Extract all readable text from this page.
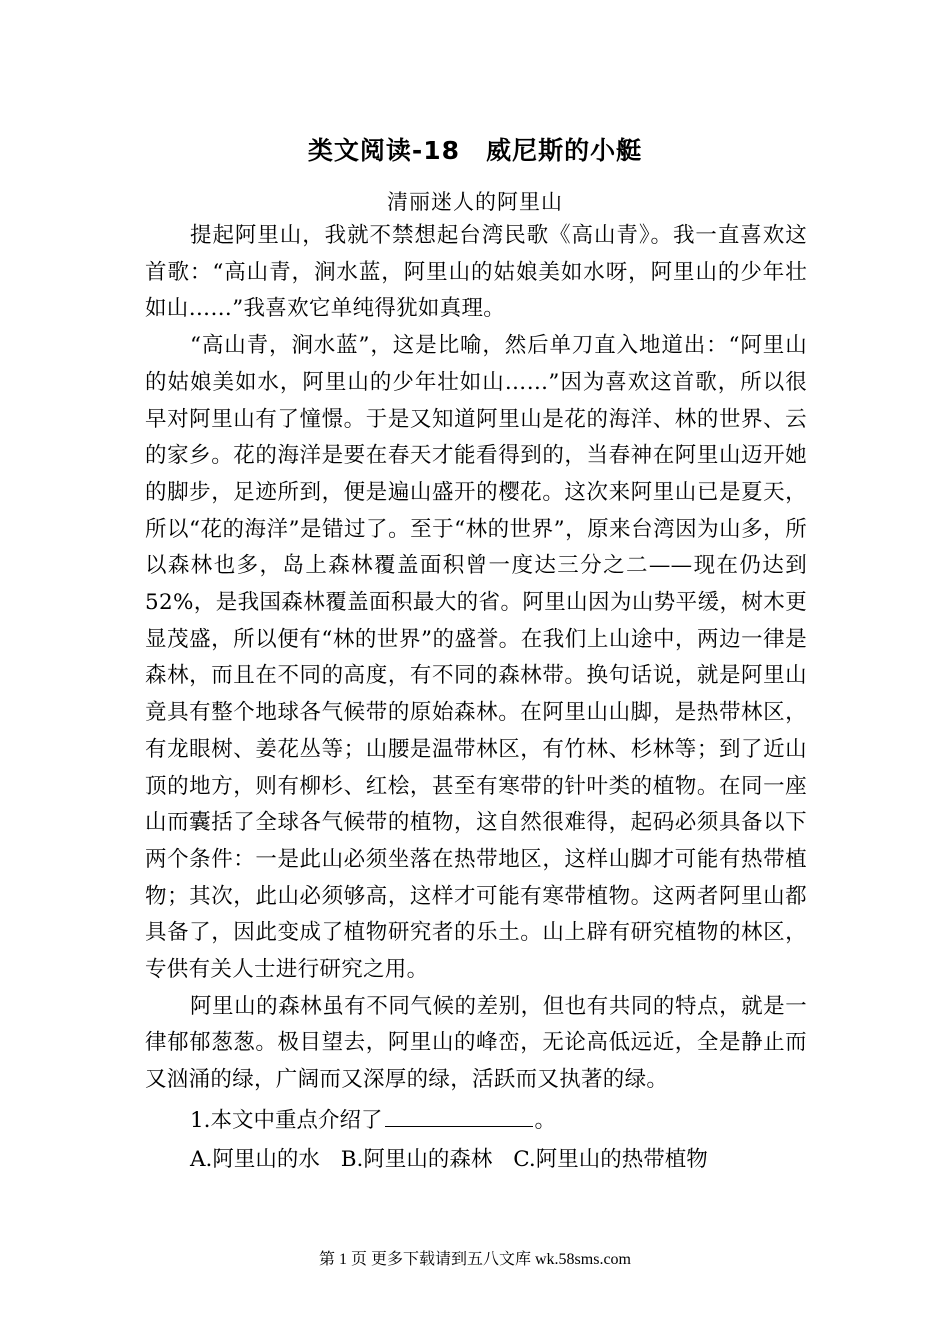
类文阅读-18　威尼斯的小艇
清丽迷人的阿里山

提起阿里山，我就不禁想起台湾民歌《高山青》。我一直喜欢这首歌：“高山青，涧水蓝，阿里山的姑娘美如水呀，阿里山的少年壮如山……”我喜欢它单纯得犹如真理。

“高山青，涧水蓝”，这是比喻，然后单刀直入地道出：“阿里山的姑娘美如水，阿里山的少年壮如山……”因为喜欢这首歌，所以很早对阿里山有了憧憬。于是又知道阿里山是花的海洋、林的世界、云的家乡。花的海洋是要在春天才能看得到的，当春神在阿里山迈开她的脚步，足迹所到，便是遍山盛开的樱花。这次来阿里山已是夏天，所以“花的海洋”是错过了。至于“林的世界”，原来台湾因为山多，所以森林也多，岛上森林覆盖面积曾一度达三分之二——现在仍达到52%，是我国森林覆盖面积最大的省。阿里山因为山势平缓，树木更显茂盛，所以便有“林的世界”的盛誉。在我们上山途中，两边一律是森林，而且在不同的高度，有不同的森林带。换句话说，就是阿里山竟具有整个地球各气候带的原始森林。在阿里山山脚，是热带林区，有龙眼树、姜花丛等；山腰是温带林区，有竹林、杉林等；到了近山顶的地方，则有柳杉、红桧，甚至有寒带的针叶类的植物。在同一座山而囊括了全球各气候带的植物，这自然很难得，起码必须具备以下两个条件：一是此山必须坐落在热带地区，这样山脚才可能有热带植物；其次，此山必须够高，这样才可能有寒带植物。这两者阿里山都具备了，因此变成了植物研究者的乐土。山上辟有研究植物的林区，专供有关人士进行研究之用。

阿里山的森林虽有不同气候的差别，但也有共同的特点，就是一律郁郁葱葱。极目望去，阿里山的峰峦，无论高低远近，全是静止而又汹涌的绿，广阔而又深厚的绿，活跃而又执著的绿。

1.本文中重点介绍了	。

A.阿里山的水 B.阿里山的森林 C.阿里山的热带植物
第 1 页 更多下载请到五八文库 wk.58sms.com
